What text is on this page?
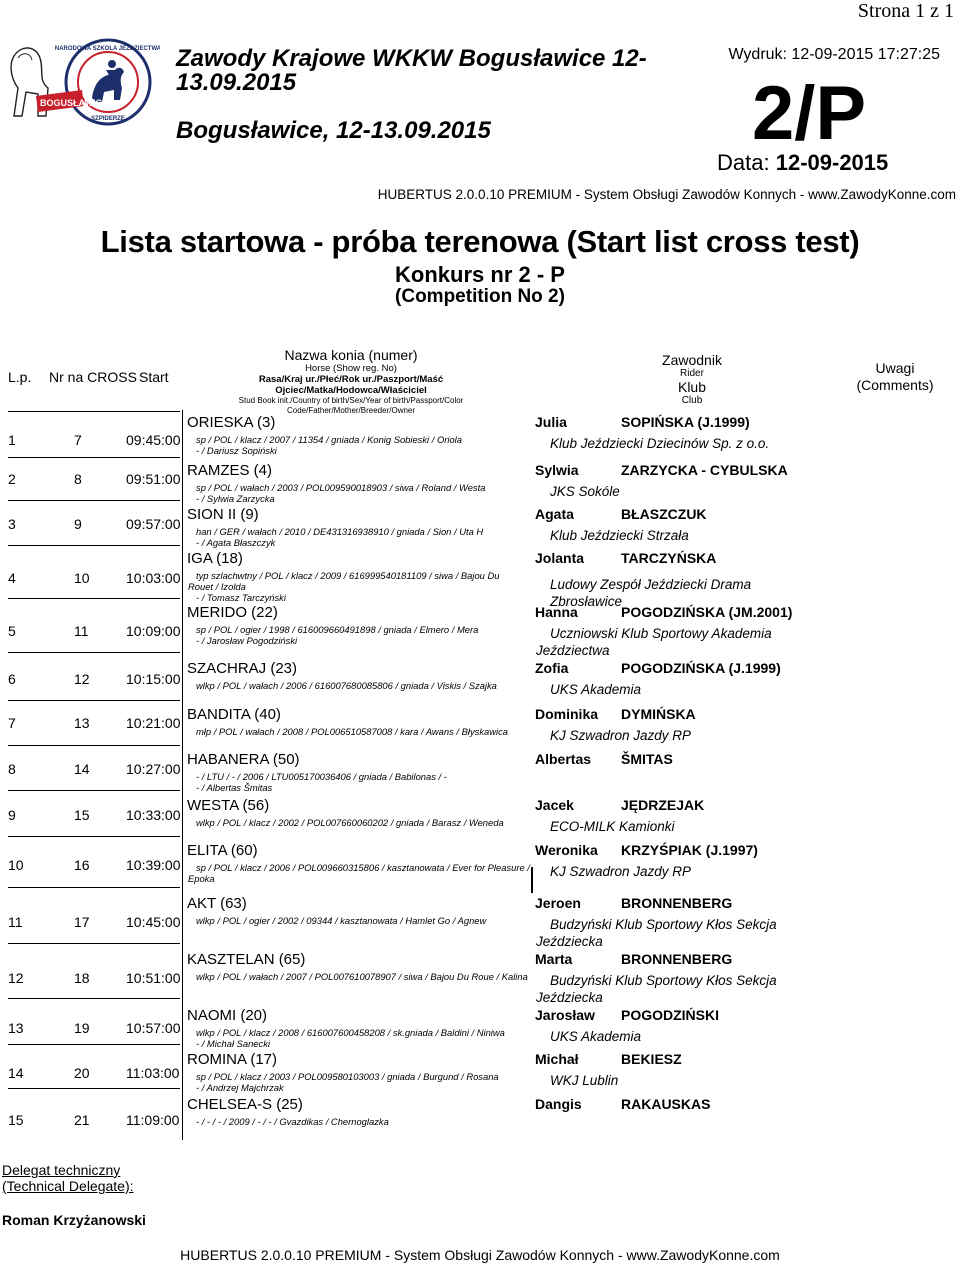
Strona 1 z 1
BOGUSŁAWICE
NARODOWA SZKOLA JEŹDZIECTWA
SZPIDERZE
Zawody Krajowe WKKW Bogusławice 12-
13.09.2015
Bogusławice, 12-13.09.2015
Wydruk: 12-09-2015 17:27:25
2/P
Data: 12-09-2015
HUBERTUS 2.0.0.10 PREMIUM - System Obsługi Zawodów Konnych - www.ZawodyKonne.com
Lista startowa - próba terenowa (Start list cross test)
Konkurs nr 2 - P
(Competition No 2)
L.p. Nr na CROSS Start
Nazwa konia (numer)
Horse (Show reg. No)
Rasa/Kraj ur./Płeć/Rok ur./Paszport/Maść
Ojciec/Matka/Hodowca/Właściciel
Stud Book init./Country of birth/Sex/Year of birth/Passport/Color
Code/Father/Mother/Breeder/Owner
Zawodnik
Rider
Klub
Club
Uwagi
(Comments)
1	7	09:45:00
ORIESKA (3)
sp / POL / klacz / 2007 / 11354 / gniada / Konig Sobieski / Oriola
- / Dariusz Sopiński
Julia	SOPIŃSKA (J.1999)
Klub Jeździecki Dziecinów Sp. z o.o.
2	8	09:51:00 RAMZES (4)
sp / POL / wałach / 2003 / POL009590018903 / siwa / Roland / Westa
- / Sylwia Zarzycka
Sylwia	ZARZYCKA - CYBULSKA
JKS Sokóle
3	9	09:57:00
SION II (9)
han / GER / wałach / 2010 / DE431316938910 / gniada / Sion / Uta H
- / Agata Błaszczyk
Agata	BŁASZCZUK
Klub Jeździecki Strzała
4	10	10:03:00
IGA (18)
typ szlachwtny / POL / klacz / 2009 / 616999540181109 / siwa / Bajou Du
Rouet / Izolda
- / Tomasz Tarczyński
Jolanta	TARCZYŃSKA
Ludowy Zespół Jeździecki Drama Zbrosławice
5	11	10:09:00
MERIDO (22)
sp / POL / ogier / 1998 / 616009660491898 / gniada / Elmero / Mera
- / Jarosław Pogodziński
Hanna	POGODZIŃSKA (JM.2001)
Uczniowski Klub Sportowy Akademia
Jeździectwa
6	12	10:15:00
SZACHRAJ (23)
wlkp / POL / wałach / 2006 / 616007680085806 / gniada / Viskis / Szajka
Zofia	POGODZIŃSKA (J.1999)
UKS Akademia
7	13	10:21:00 BANDITA (40)
młp / POL / wałach / 2008 / POL006510587008 / kara / Awans / Błyskawica
Dominika DYMIŃSKA
KJ Szwadron Jazdy RP
8	14	10:27:00
HABANERA (50)
- / LTU / - / 2006 / LTU005170036406 / gniada / Babilonas / -
- / Albertas Šmitas
Albertas ŠMITAS
9	15	10:33:00
WESTA (56)
wlkp / POL / klacz / 2002 / POL007660060202 / gniada / Barasz / Weneda
Jacek	JĘDRZEJAK
ECO-MILK Kamionki
10	16	10:39:00
ELITA (60)
sp / POL / klacz / 2006 / POL009660315806 / kasztanowata / Ever for Pleasure /
Epoka
Weronika KRZYŚPIAK (J.1997)
KJ Szwadron Jazdy RP
11	17	10:45:00
AKT (63)
wlkp / POL / ogier / 2002 / 09344 / kasztanowata / Hamlet Go / Agnew
Jeroen	BRONNENBERG
Budzyński Klub Sportowy Kłos Sekcja
Jeździecka
12	18	10:51:00
KASZTELAN (65)
wlkp / POL / wałach / 2007 / POL007610078907 / siwa / Bajou Du Roue / Kalina
Marta	BRONNENBERG
Budzyński Klub Sportowy Kłos Sekcja
Jeździecka
13	19	10:57:00
NAOMI (20)
wlkp / POL / klacz / 2008 / 616007600458208 / sk.gniada / Baldini / Niniwa
- / Michał Sanecki
Jarosław POGODZIŃSKI
UKS Akademia
14	20	11:03:00
ROMINA (17)
sp / POL / klacz / 2003 / POL009580103003 / gniada / Burgund / Rosana
- / Andrzej Majchrzak
Michał	BEKIESZ
WKJ Lublin
15	21	11:09:00
CHELSEA-S (25)
- / - / - / 2009 / - / - / Gvazdikas / Chernoglazka
Dangis	RAKAUSKAS
Delegat techniczny
(Technical Delegate):
Roman Krzyżanowski
HUBERTUS 2.0.0.10 PREMIUM - System Obsługi Zawodów Konnych - www.ZawodyKonne.com
